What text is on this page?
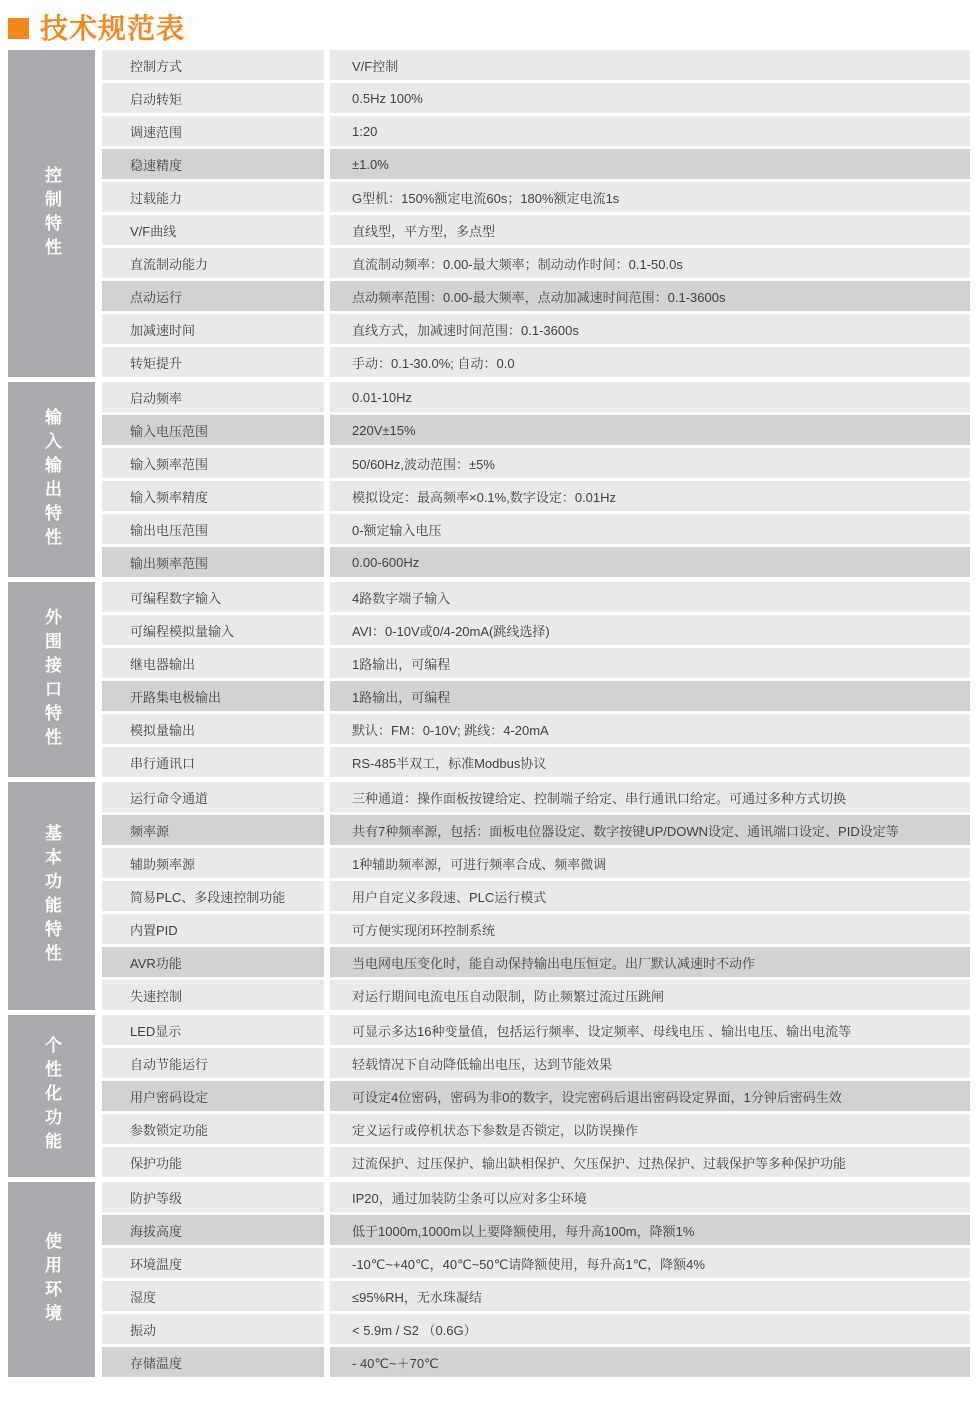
技术规范表
控制特性
控制方式	V/F控制
启动转矩	0.5Hz 100%
调速范围	1:20
稳速精度	±1.0%
过载能力	G型机：150%额定电流60s；180%额定电流1s
V/F曲线	直线型，平方型，多点型
直流制动能力	直流制动频率：0.00-最大频率；制动动作时间：0.1-50.0s
点动运行	点动频率范围：0.00-最大频率，点动加减速时间范围：0.1-3600s
加减速时间	直线方式，加减速时间范围：0.1-3600s
转矩提升	手动：0.1-30.0%; 自动：0.0
输入输出特性
启动频率	0.01-10Hz
输入电压范围	220V±15%
输入频率范围	50/60Hz,波动范围：±5%
输入频率精度	模拟设定：最高频率×0.1%,数字设定：0.01Hz
输出电压范围	0-额定输入电压
输出频率范围	0.00-600Hz
外围接口特性
可编程数字输入	4路数字端子输入
可编程模拟量输入	AVI：0-10V或0/4-20mA(跳线选择)
继电器输出	1路输出，可编程
开路集电极输出	1路输出，可编程
模拟量输出	默认：FM：0-10V; 跳线：4-20mA
串行通讯口	RS-485半双工，标准Modbus协议
基本功能特性
运行命令通道	三种通道：操作面板按键给定、控制端子给定、串行通讯口给定。可通过多种方式切换
频率源	共有7种频率源，包括：面板电位器设定、数字按键UP/DOWN设定、通讯端口设定、PID设定等
辅助频率源	1种辅助频率源，可进行频率合成、频率微调
简易PLC、多段速控制功能	用户自定义多段速、PLC运行模式
内置PID	可方便实现闭环控制系统
AVR功能	当电网电压变化时，能自动保持输出电压恒定。出厂默认减速时不动作
失速控制	对运行期间电流电压自动限制，防止频繁过流过压跳闸
个性化功能
LED显示	可显示多达16种变量值，包括运行频率、设定频率、母线电压 、输出电压、输出电流等
自动节能运行	轻载情况下自动降低输出电压，达到节能效果
用户密码设定	可设定4位密码，密码为非0的数字，设完密码后退出密码设定界面，1分钟后密码生效
参数锁定功能	定义运行或停机状态下参数是否锁定，以防误操作
保护功能	过流保护、过压保护、输出缺相保护、欠压保护、过热保护、过载保护等多种保护功能
使用环境
防护等级	IP20，通过加装防尘条可以应对多尘环境
海拔高度	低于1000m,1000m以上要降额使用，每升高100m，降额1%
环境温度	-10℃~+40℃，40℃~50℃请降额使用，每升高1℃，降额4%
湿度	≤95%RH，无水珠凝结
振动	< 5.9m / S2 （0.6G）
存储温度	- 40℃~＋70℃
